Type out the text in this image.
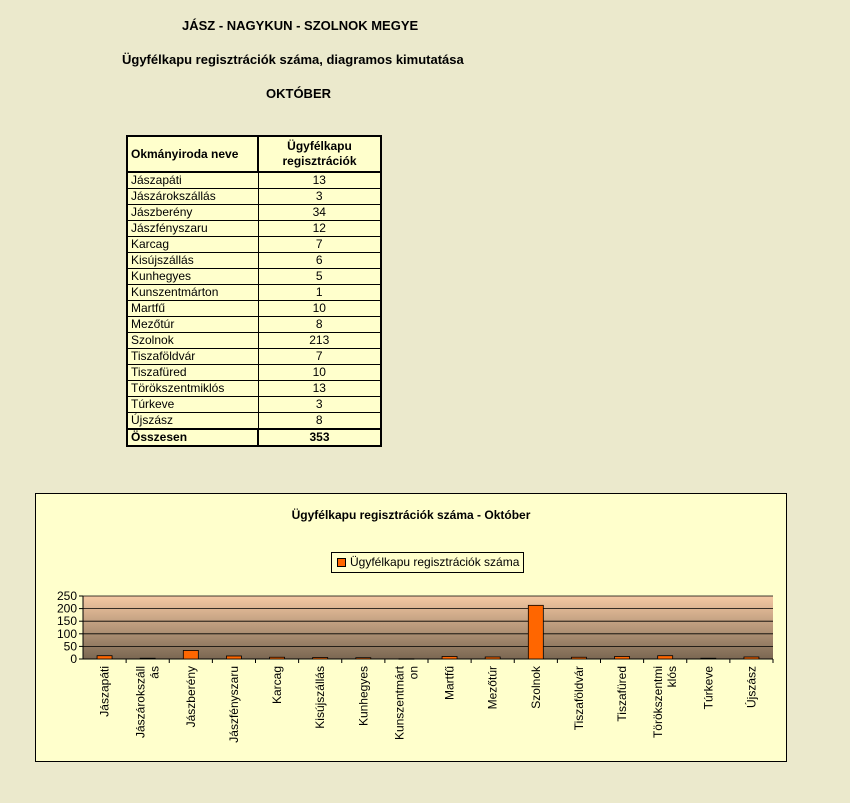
JÁSZ - NAGYKUN - SZOLNOK MEGYE
Ügyfélkapu regisztrációk száma, diagramos kimutatása
OKTÓBER
Okmányiroda neve	Ügyfélkapu
regisztrációk
Jászapáti	13
Jászárokszállás	3
Jászberény	34
Jászfényszaru	12
Karcag	7
Kisújszállás	6
Kunhegyes	5
Kunszentmárton	1
Martfű	10
Mezőtúr	8
Szolnok	213
Tiszaföldvár	7
Tiszafüred	10
Törökszentmiklós	13
Túrkeve	3
Újszász	8
Összesen	353
Ügyfélkapu regisztrációk száma - Október
Ügyfélkapu regisztrációk száma
0
50
100
150
200
250
Jászapáti Jászárokszáll ás Jászberény Jászfényszaru Karcag Kisújszállás Kunhegyes Kunszentmárt on Martfű Mezőtúr Szolnok Tiszaföldvár Tiszafüred Törökszentmi klós Túrkeve Újszász
